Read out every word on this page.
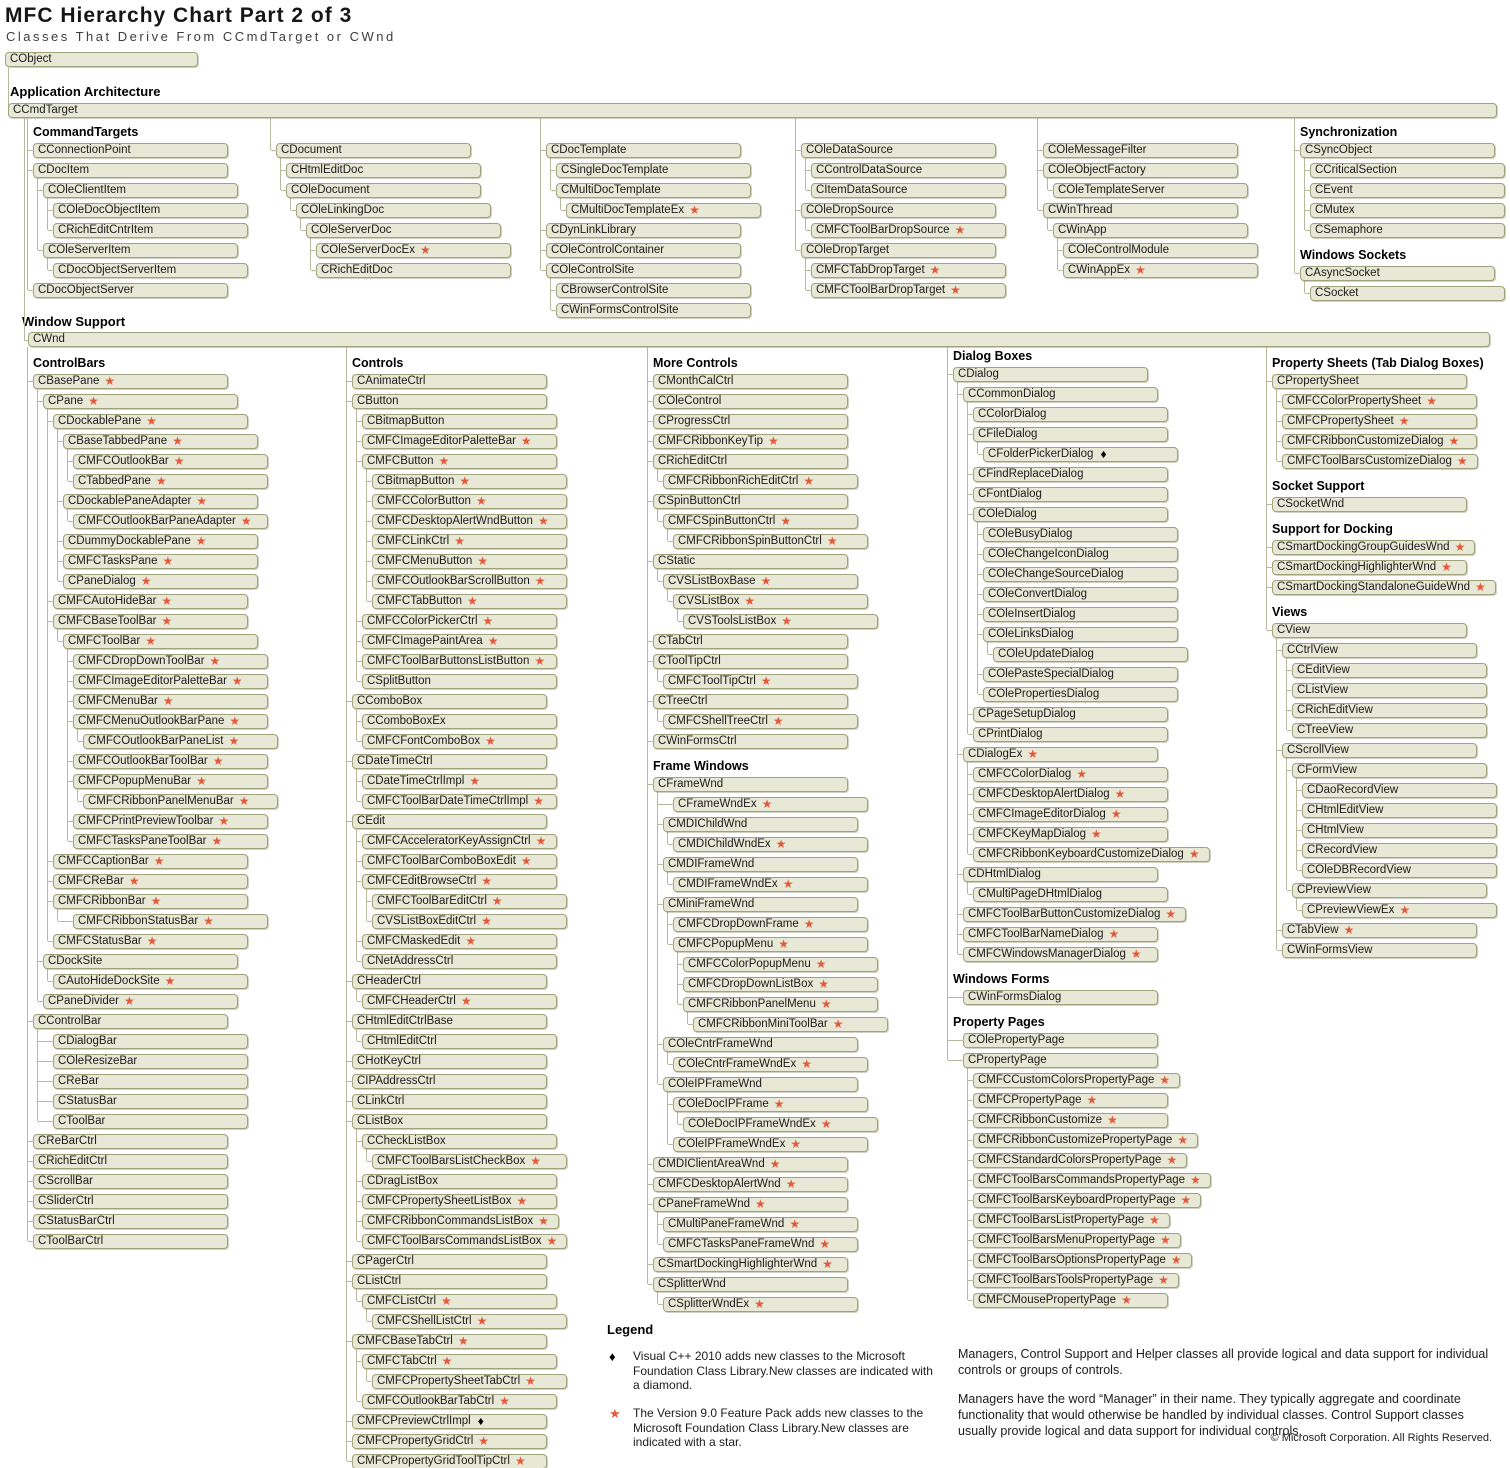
MFC Hierarchy Chart Part 2 of 3
Classes That Derive From CCmdTarget or CWnd
CObject
Application Architecture
CCmdTarget
Window Support
CWnd
CommandTargets
CConnectionPoint
CDocItem
COleClientItem
COleDocObjectItem
CRichEditCntrItem
COleServerItem
CDocObjectServerItem
CDocObjectServer
CDocument
CHtmlEditDoc
COleDocument
COleLinkingDoc
COleServerDoc
COleServerDocEx ★
CRichEditDoc
CDocTemplate
CSingleDocTemplate
CMultiDocTemplate
CMultiDocTemplateEx ★
CDynLinkLibrary
COleControlContainer
COleControlSite
CBrowserControlSite
CWinFormsControlSite
COleDataSource
CControlDataSource
CItemDataSource
COleDropSource
CMFCToolBarDropSource ★
COleDropTarget
CMFCTabDropTarget ★
CMFCToolBarDropTarget ★
COleMessageFilter
COleObjectFactory
COleTemplateServer
CWinThread
CWinApp
COleControlModule
CWinAppEx ★
Synchronization
CSyncObject
CCriticalSection
CEvent
CMutex
CSemaphore
Windows Sockets
CAsyncSocket
CSocket
ControlBars
CBasePane ★
CPane ★
CDockablePane ★
CBaseTabbedPane ★
CMFCOutlookBar ★
CTabbedPane ★
CDockablePaneAdapter ★
CMFCOutlookBarPaneAdapter ★
CDummyDockablePane ★
CMFCTasksPane ★
CPaneDialog ★
CMFCAutoHideBar ★
CMFCBaseToolBar ★
CMFCToolBar ★
CMFCDropDownToolBar ★
CMFCImageEditorPaletteBar ★
CMFCMenuBar ★
CMFCMenuOutlookBarPane ★
CMFCOutlookBarPaneList ★
CMFCOutlookBarToolBar ★
CMFCPopupMenuBar ★
CMFCRibbonPanelMenuBar ★
CMFCPrintPreviewToolbar ★
CMFCTasksPaneToolBar ★
CMFCCaptionBar ★
CMFCReBar ★
CMFCRibbonBar ★
CMFCRibbonStatusBar ★
CMFCStatusBar ★
CDockSite
CAutoHideDockSite ★
CPaneDivider ★
CControlBar
CDialogBar
COleResizeBar
CReBar
CStatusBar
CToolBar
CReBarCtrl
CRichEditCtrl
CScrollBar
CSliderCtrl
CStatusBarCtrl
CToolBarCtrl
Controls
CAnimateCtrl
CButton
CBitmapButton
CMFCImageEditorPaletteBar ★
CMFCButton ★
CBitmapButton ★
CMFCColorButton ★
CMFCDesktopAlertWndButton ★
CMFCLinkCtrl ★
CMFCMenuButton ★
CMFCOutlookBarScrollButton ★
CMFCTabButton ★
CMFCColorPickerCtrl ★
CMFCImagePaintArea ★
CMFCToolBarButtonsListButton ★
CSplitButton
CComboBox
CComboBoxEx
CMFCFontComboBox ★
CDateTimeCtrl
CDateTimeCtrlImpl ★
CMFCToolBarDateTimeCtrlImpl ★
CEdit
CMFCAcceleratorKeyAssignCtrl ★
CMFCToolBarComboBoxEdit ★
CMFCEditBrowseCtrl ★
CMFCToolBarEditCtrl ★
CVSListBoxEditCtrl ★
CMFCMaskedEdit ★
CNetAddressCtrl
CHeaderCtrl
CMFCHeaderCtrl ★
CHtmlEditCtrlBase
CHtmlEditCtrl
CHotKeyCtrl
CIPAddressCtrl
CLinkCtrl
CListBox
CCheckListBox
CMFCToolBarsListCheckBox ★
CDragListBox
CMFCPropertySheetListBox ★
CMFCRibbonCommandsListBox ★
CMFCToolBarsCommandsListBox ★
CPagerCtrl
CListCtrl
CMFCListCtrl ★
CMFCShellListCtrl ★
CMFCBaseTabCtrl ★
CMFCTabCtrl ★
CMFCPropertySheetTabCtrl ★
CMFCOutlookBarTabCtrl ★
CMFCPreviewCtrlImpl ♦
CMFCPropertyGridCtrl ★
CMFCPropertyGridToolTipCtrl ★
More Controls
CMonthCalCtrl
COleControl
CProgressCtrl
CMFCRibbonKeyTip ★
CRichEditCtrl
CMFCRibbonRichEditCtrl ★
CSpinButtonCtrl
CMFCSpinButtonCtrl ★
CMFCRibbonSpinButtonCtrl ★
CStatic
CVSListBoxBase ★
CVSListBox ★
CVSToolsListBox ★
CTabCtrl
CToolTipCtrl
CMFCToolTipCtrl ★
CTreeCtrl
CMFCShellTreeCtrl ★
CWinFormsCtrl
Frame Windows
CFrameWnd
CFrameWndEx ★
CMDIChildWnd
CMDIChildWndEx ★
CMDIFrameWnd
CMDIFrameWndEx ★
CMiniFrameWnd
CMFCDropDownFrame ★
CMFCPopupMenu ★
CMFCColorPopupMenu ★
CMFCDropDownListBox ★
CMFCRibbonPanelMenu ★
CMFCRibbonMiniToolBar ★
COleCntrFrameWnd
COleCntrFrameWndEx ★
COleIPFrameWnd
COleDocIPFrame ★
COleDocIPFrameWndEx ★
COleIPFrameWndEx ★
CMDIClientAreaWnd ★
CMFCDesktopAlertWnd ★
CPaneFrameWnd ★
CMultiPaneFrameWnd ★
CMFCTasksPaneFrameWnd ★
CSmartDockingHighlighterWnd ★
CSplitterWnd
CSplitterWndEx ★
Dialog Boxes
CDialog
CCommonDialog
CColorDialog
CFileDialog
CFolderPickerDialog ♦
CFindReplaceDialog
CFontDialog
COleDialog
COleBusyDialog
COleChangeIconDialog
COleChangeSourceDialog
COleConvertDialog
COleInsertDialog
COleLinksDialog
COleUpdateDialog
COlePasteSpecialDialog
COlePropertiesDialog
CPageSetupDialog
CPrintDialog
CDialogEx ★
CMFCColorDialog ★
CMFCDesktopAlertDialog ★
CMFCImageEditorDialog ★
CMFCKeyMapDialog ★
CMFCRibbonKeyboardCustomizeDialog ★
CDHtmlDialog
CMultiPageDHtmlDialog
CMFCToolBarButtonCustomizeDialog ★
CMFCToolBarNameDialog ★
CMFCWindowsManagerDialog ★
Windows Forms
CWinFormsDialog
Property Pages
COlePropertyPage
CPropertyPage
CMFCCustomColorsPropertyPage ★
CMFCPropertyPage ★
CMFCRibbonCustomize ★
CMFCRibbonCustomizePropertyPage ★
CMFCStandardColorsPropertyPage ★
CMFCToolBarsCommandsPropertyPage ★
CMFCToolBarsKeyboardPropertyPage ★
CMFCToolBarsListPropertyPage ★
CMFCToolBarsMenuPropertyPage ★
CMFCToolBarsOptionsPropertyPage ★
CMFCToolBarsToolsPropertyPage ★
CMFCMousePropertyPage ★
Property Sheets (Tab Dialog Boxes)
CPropertySheet
CMFCColorPropertySheet ★
CMFCPropertySheet ★
CMFCRibbonCustomizeDialog ★
CMFCToolBarsCustomizeDialog ★
Socket Support
CSocketWnd
Support for Docking
CSmartDockingGroupGuidesWnd ★
CSmartDockingHighlighterWnd ★
CSmartDockingStandaloneGuideWnd ★
Views
CView
CCtrlView
CEditView
CListView
CRichEditView
CTreeView
CScrollView
CFormView
CDaoRecordView
CHtmlEditView
CHtmlView
CRecordView
COleDBRecordView
CPreviewView
CPreviewViewEx ★
CTabView ★
CWinFormsView
Legend
♦	Visual C++ 2010 adds new classes to the Microsoft Foundation Class Library.New classes are indicated with a diamond.
★	The Version 9.0 Feature Pack adds new classes to the Microsoft Foundation Class Library.New classes are indicated with a star.

Managers, Control Support and Helper classes all provide logical and data support for individual controls or groups of controls.

Managers have the word “Manager” in their name. They typically aggregate and coordinate functionality that would otherwise be handled by individual classes. Control Support classes usually provide logical and data support for individual controls.

© Microsoft Corporation. All Rights Reserved.
